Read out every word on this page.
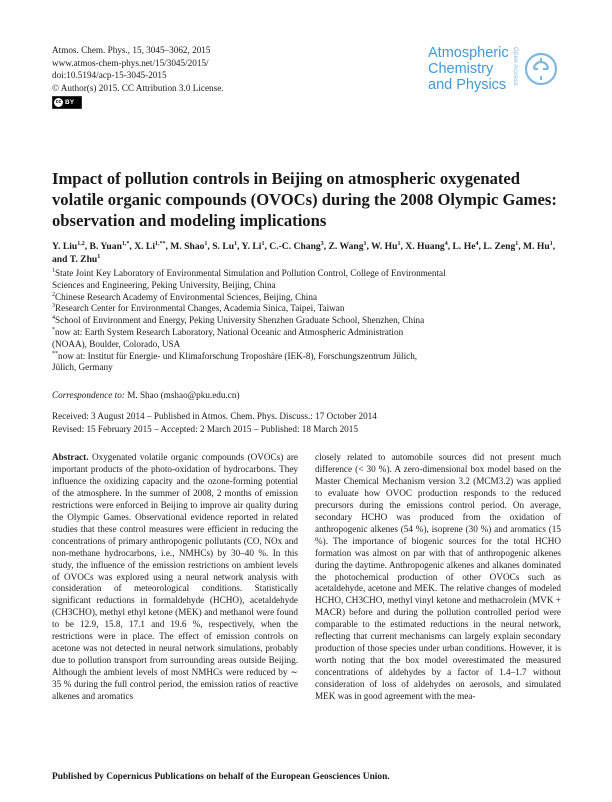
Atmos. Chem. Phys., 15, 3045–3062, 2015
www.atmos-chem-phys.net/15/3045/2015/
doi:10.5194/acp-15-3045-2015
© Author(s) 2015. CC Attribution 3.0 License.
cc BY
Atmospheric
Chemistry
and Physics Open Access
Impact of pollution controls in Beijing on atmospheric oxygenated volatile organic compounds (OVOCs) during the 2008 Olympic Games: observation and modeling implications
Y. Liu$^{1,2}$, B. Yuan$^{1,*}$, X. $Li^{1,**}$, M. Shao$^1$, S. Lu$^1$, Y. Li$^1$, C.-C. Chang$^3$, Z. Wang$^1$, W. Hu$^1$, X. Huang$^4$, L. He$^4$, L. Zeng$^1$, M. Hu$^1$, and T. Zhu$^1$
$^1$State Joint Key Laboratory of Environmental Simulation and Pollution Control, College of Environmental
Sciences and Engineering, Peking University, Beijing, China
$^2$Chinese Research Academy of Environmental Sciences, Beijing, China
$^3$Research Center for Environmental Changes, Academia Sinica, Taipei, Taiwan
$^4$School of Environment and Energy, Peking University Shenzhen Graduate School, Shenzhen, China
*now at: Earth System Research Laboratory, National Oceanic and Atmospheric Administration
(NOAA), Boulder, Colorado, USA
**now at: Institut für Energie- und Klimaforschung Troposhäre (IEK-8), Forschungszentrum Jülich,
Jülich, Germany
Correspondence to: M. Shao (mshao@pku.edu.cn)
Received: 3 August 2014 – Published in Atmos. Chem. Phys. Discuss.: 17 October 2014
Revised: 15 February 2015 – Accepted: 2 March 2015 – Published: 18 March 2015
Abstract. Oxygenated volatile organic compounds (OVOCs) are important products of the photo-oxidation of hydrocarbons. They influence the oxidizing capacity and the ozone-forming potential of the atmosphere. In the summer of 2008, 2 months of emission restrictions were enforced in Beijing to improve air quality during the Olympic Games. Observational evidence reported in related studies that these control measures were efficient in reducing the concentrations of primary anthropogenic pollutants (CO, NOx and non-methane hydrocarbons, i.e., NMHCs) by 30–40 %. In this study, the influence of the emission restrictions on ambient levels of OVOCs was explored using a neural network analysis with consideration of meteorological conditions. Statistically significant reductions in formaldehyde (HCHO), acetaldehyde (CH3CHO), methyl ethyl ketone (MEK) and methanol were found to be 12.9, 15.8, 17.1 and 19.6 %, respectively, when the restrictions were in place. The effect of emission controls on acetone was not detected in neural network simulations, probably due to pollution transport from surrounding areas outside Beijing. Although the ambient levels of most NMHCs were reduced by ∼ 35 % during the full control period, the emission ratios of reactive alkenes and aromatics
closely related to automobile sources did not present much difference (< 30 %). A zero-dimensional box model based on the Master Chemical Mechanism version 3.2 (MCM3.2) was applied to evaluate how OVOC production responds to the reduced precursors during the emissions control period. On average, secondary HCHO was produced from the oxidation of anthropogenic alkenes (54 %), isoprene (30 %) and aromatics (15 %). The importance of biogenic sources for the total HCHO formation was almost on par with that of anthropogenic alkenes during the daytime. Anthropogenic alkenes and alkanes dominated the photochemical production of other OVOCs such as acetaldehyde, acetone and MEK. The relative changes of modeled HCHO, CH3CHO, methyl vinyl ketone and methacrolein (MVK + MACR) before and during the pollution controlled period were comparable to the estimated reductions in the neural network, reflecting that current mechanisms can largely explain secondary production of those species under urban conditions. However, it is worth noting that the box model overestimated the measured concentrations of aldehydes by a factor of 1.4–1.7 without consideration of loss of aldehydes on aerosols, and simulated MEK was in good agreement with the mea-
Published by Copernicus Publications on behalf of the European Geosciences Union.
